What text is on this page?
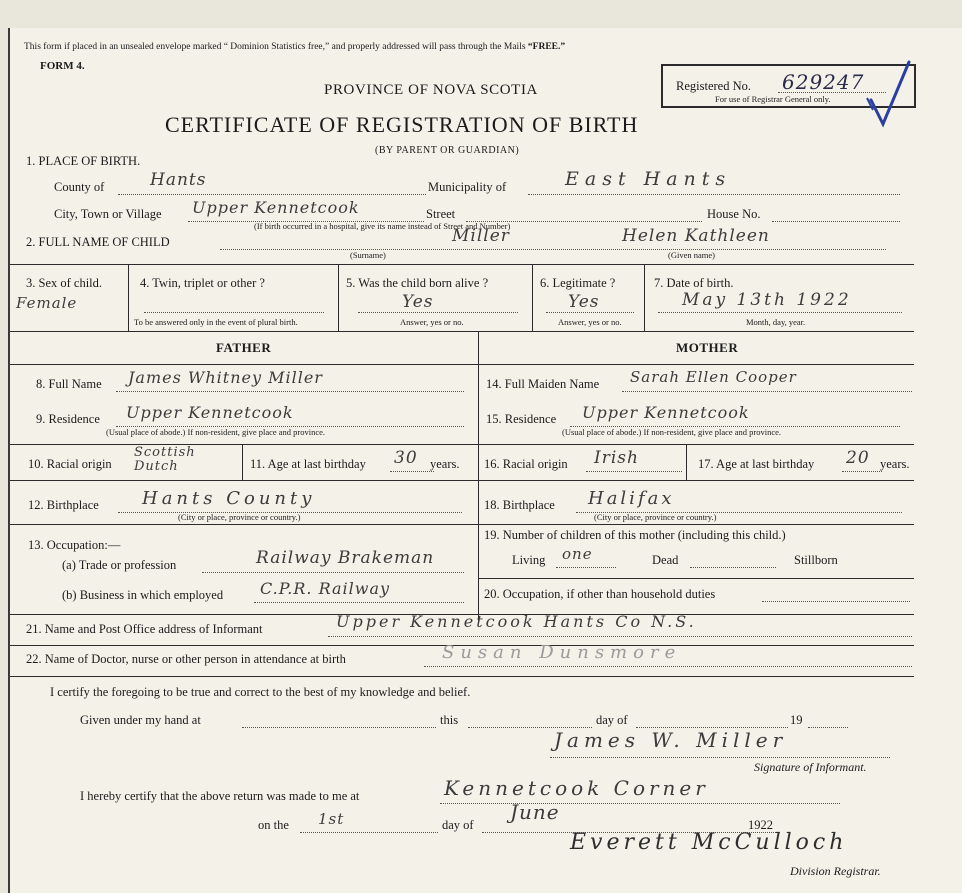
This form if placed in an unsealed envelope marked “ Dominion Statistics free,” and properly addressed will pass through the Mails “FREE.”
FORM 4.
PROVINCE OF NOVA SCOTIA
CERTIFICATE OF REGISTRATION OF BIRTH
(BY PARENT OR GUARDIAN)
Registered No. 629247
For use of Registrar General only.
1. PLACE OF BIRTH.
County of	Hants	Municipality of	East Hants
City, Town or Village Upper Kennetcook	Street	House No.
(If birth occurred in a hospital, give its name instead of Street and Number)
2. FULL NAME OF CHILD	Miller	Helen Kathleen
(Surname)	(Given name)
3. Sex of child.
Female
4. Twin, triplet or other ?
To be answered only in the event of plural birth.
5. Was the child born alive ?
Yes
Answer, yes or no.
6. Legitimate ?
Yes
Answer, yes or no.
7. Date of birth.
May 13th 1922
Month, day, year.
FATHER	MOTHER
8. Full Name James Whitney Miller
9. Residence Upper Kennetcook
(Usual place of abode.) If non-resident, give place and province.
10. Racial origin
Scottish Dutch	11. Age at last birthday 30 years.
12. Birthplace Hants County
(City or place, province or country.)
13. Occupation:—
(a) Trade or profession	Railway Brakeman
(b) Business in which employed C.P.R. Railway
14. Full Maiden Name Sarah Ellen Cooper
15. Residence Upper Kennetcook
(Usual place of abode.) If non-resident, give place and province.
16. Racial origin Irish	17. Age at last birthday 20 years.
18. Birthplace Halifax
(City or place, province or country.)
19. Number of children of this mother (including this child.)
Living one	Dead	Stillborn
20. Occupation, if other than household duties
21. Name and Post Office address of Informant	Upper Kennetcook Hants Co N.S.
22. Name of Doctor, nurse or other person in attendance at birth	Susan Dunsmore
I certify the foregoing to be true and correct to the best of my knowledge and belief.
Given under my hand at	this	day of	19
James W. Miller
Signature of Informant.
I hereby certify that the above return was made to me at	Kennetcook Corner
on the 1st	day of
June
1922
Everett McCulloch
Division Registrar.
